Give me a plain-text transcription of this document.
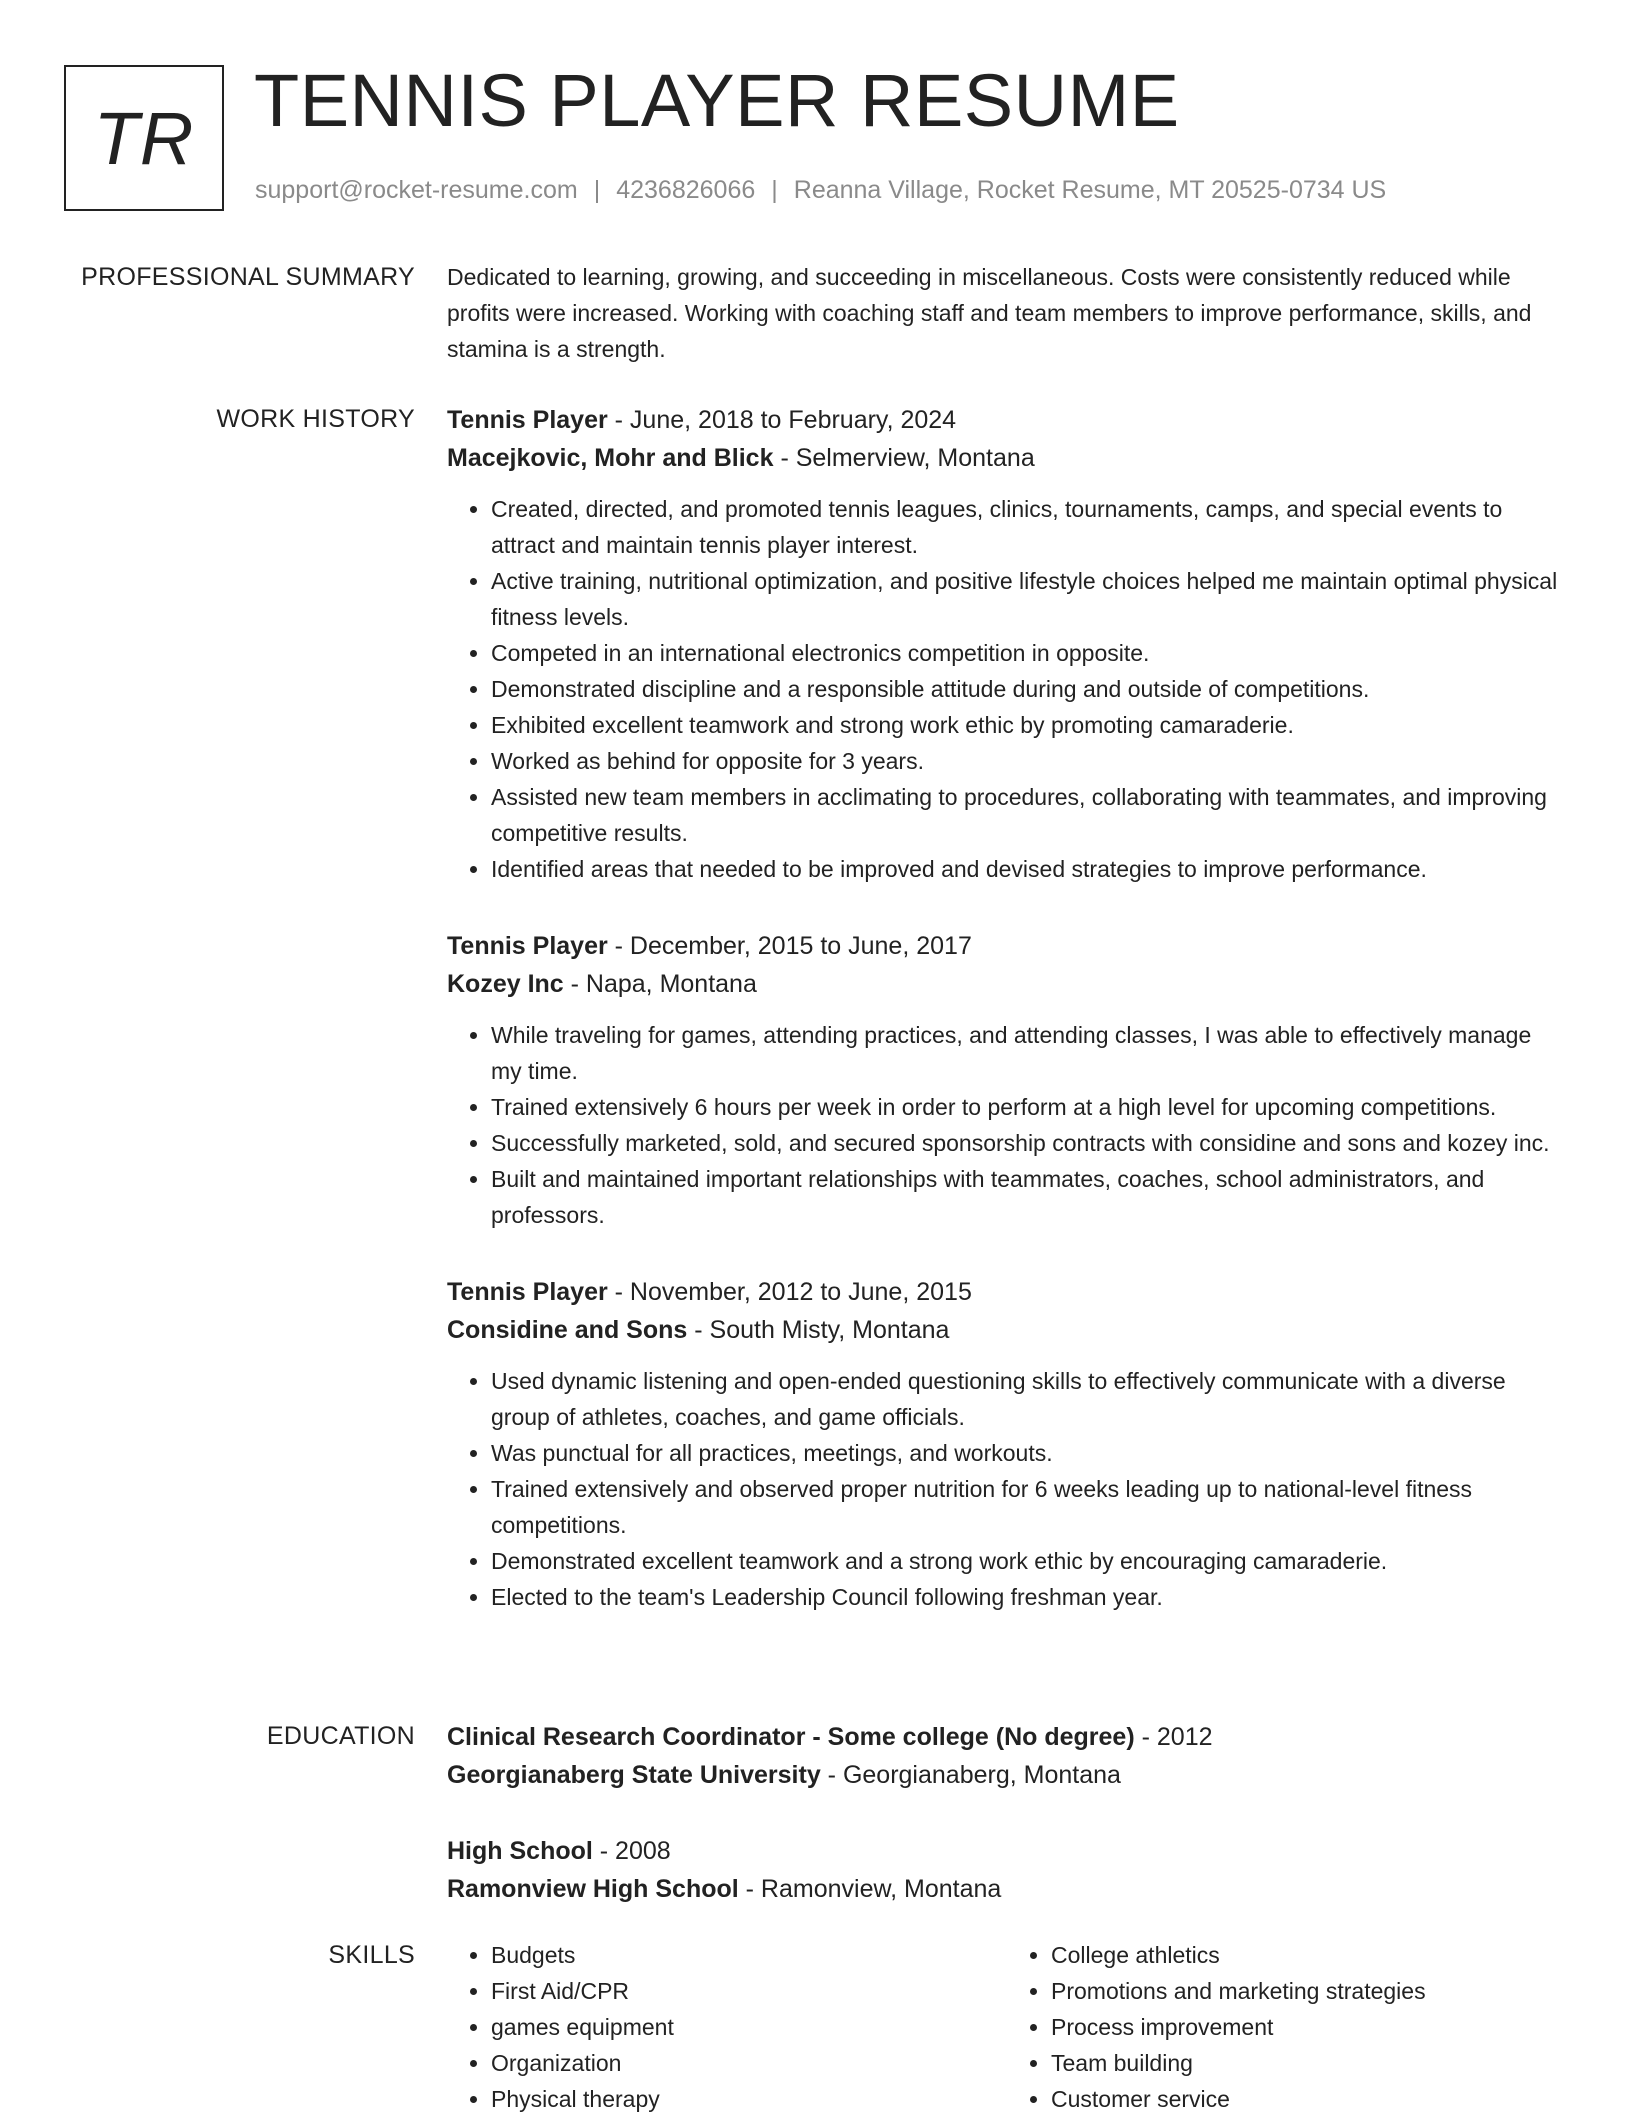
TR TENNIS PLAYER RESUME
support@rocket-resume.com | 4236826066 | Reanna Village, Rocket Resume, MT 20525-0734 US
PROFESSIONAL SUMMARY Dedicated to learning, growing, and succeeding in miscellaneous. Costs were consistently reduced while profits were increased. Working with coaching staff and team members to improve performance, skills, and stamina is a strength.

WORK HISTORY Tennis Player - June, 2018 to February, 2024

Macejkovic, Mohr and Blick - Selmerview, Montana

• Created, directed, and promoted tennis leagues, clinics, tournaments, camps, and special events to attract and maintain tennis player interest.
• Active training, nutritional optimization, and positive lifestyle choices helped me maintain optimal physical fitness levels.
• Competed in an international electronics competition in opposite.
• Demonstrated discipline and a responsible attitude during and outside of competitions.
• Exhibited excellent teamwork and strong work ethic by promoting camaraderie.
• Worked as behind for opposite for 3 years.
• Assisted new team members in acclimating to procedures, collaborating with teammates, and improving competitive results.
• Identified areas that needed to be improved and devised strategies to improve performance.

Tennis Player - December, 2015 to June, 2017

Kozey Inc - Napa, Montana

• While traveling for games, attending practices, and attending classes, I was able to effectively manage my time.
• Trained extensively 6 hours per week in order to perform at a high level for upcoming competitions.
• Successfully marketed, sold, and secured sponsorship contracts with considine and sons and kozey inc.
• Built and maintained important relationships with teammates, coaches, school administrators, and professors.

Tennis Player - November, 2012 to June, 2015

Considine and Sons - South Misty, Montana

• Used dynamic listening and open-ended questioning skills to effectively communicate with a diverse group of athletes, coaches, and game officials.
• Was punctual for all practices, meetings, and workouts.
• Trained extensively and observed proper nutrition for 6 weeks leading up to national-level fitness competitions.
• Demonstrated excellent teamwork and a strong work ethic by encouraging camaraderie.
• Elected to the team's Leadership Council following freshman year.
EDUCATION Clinical Research Coordinator - Some college (No degree) - 2012

Georgianaberg State University - Georgianaberg, Montana

High School - 2008

Ramonview High School - Ramonview, Montana

SKILLS
•	Budgets
• First Aid/CPR
• games equipment
• Organization
• Physical therapy
• College athletics
• Promotions and marketing strategies
• Process improvement
• Team building
• Customer service
